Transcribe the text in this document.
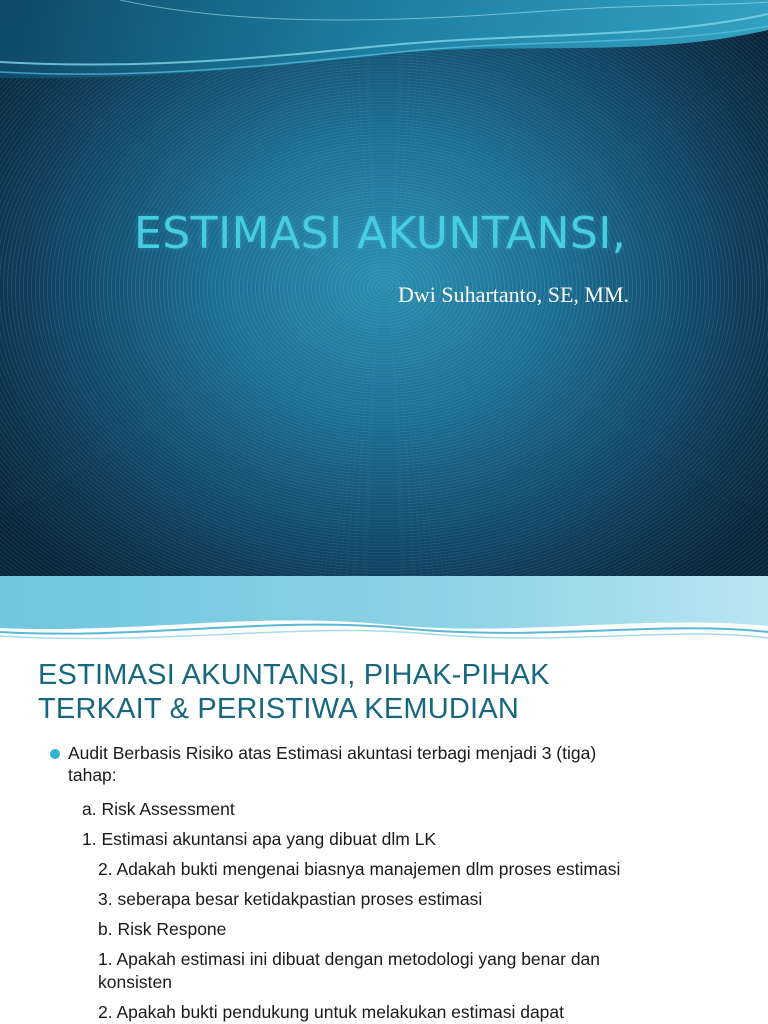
ESTIMASI AKUNTANSI,

Dwi Suhartanto, SE, MM.

ESTIMASI AKUNTANSI, PIHAK-PIHAK
TERKAIT & PERISTIWA KEMUDIAN
Audit Berbasis Risiko atas Estimasi akuntasi terbagi menjadi 3 (tiga)
tahap:
a. Risk Assessment
1. Estimasi akuntansi apa yang dibuat dlm LK
2. Adakah bukti mengenai biasnya manajemen dlm proses estimasi
3. seberapa besar ketidakpastian proses estimasi
b. Risk Respone
1. Apakah estimasi ini dibuat dengan metodologi yang benar dan
konsisten
2. Apakah bukti pendukung untuk melakukan estimasi dapat
